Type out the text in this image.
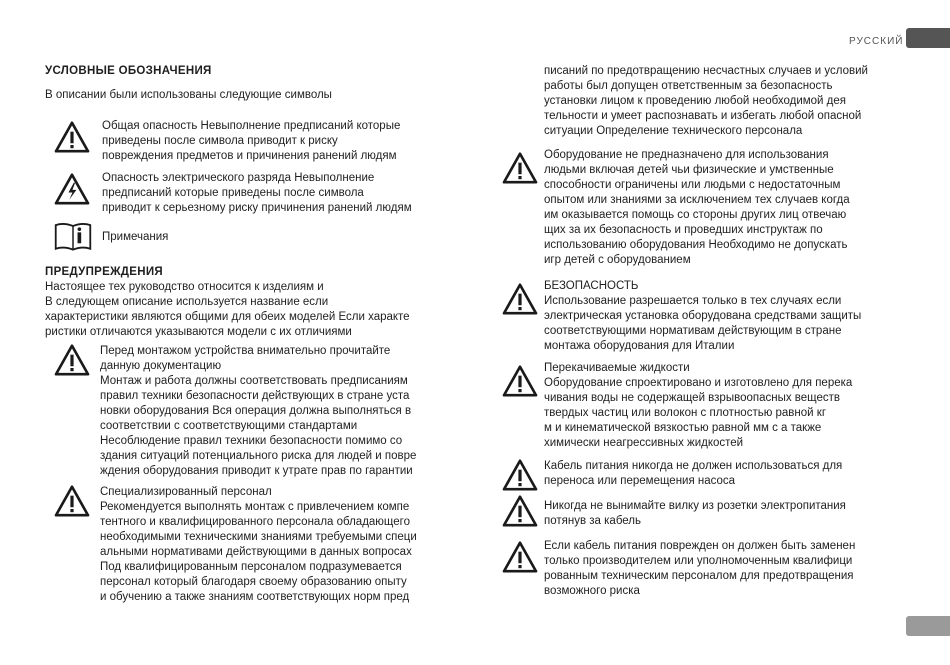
РУССКИЙ
УСЛОВНЫЕ ОБОЗНАЧЕНИЯ
В описании были использованы следующие символы
Общая опасность Невыполнение предписаний которые
приведены после символа приводит к риску
повреждения предметов и причинения ранений людям
Опасность электрического разряда Невыполнение
предписаний которые приведены после символа
приводит к серьезному риску причинения ранений людям
Примечания
ПРЕДУПРЕЖДЕНИЯ
Настоящее тех руководство относится к изделиям и
В следующем описание используется название если
характеристики являются общими для обеих моделей Если характе
ристики отличаются указываются модели с их отличиями
Перед монтажом устройства внимательно прочитайте
данную документацию
Монтаж и работа должны соответствовать предписаниям
правил техники безопасности действующих в стране уста
новки оборудования Вся операция должна выполняться в
соответствии с соответствующими стандартами
Несоблюдение правил техники безопасности помимо со
здания ситуаций потенциального риска для людей и повре
ждения оборудования приводит к утрате прав по гарантии
Специализированный персонал
Рекомендуется выполнять монтаж с привлечением компе
тентного и квалифицированного персонала обладающего
необходимыми техническими знаниями требуемыми специ
альными нормативами действующими в данных вопросах
Под квалифицированным персоналом подразумевается
персонал который благодаря своему образованию опыту
и обучению а также знаниям соответствующих норм пред
писаний по предотвращению несчастных случаев и условий
работы был допущен ответственным за безопасность
установки лицом к проведению любой необходимой дея
тельности и умеет распознавать и избегать любой опасной
ситуации Определение технического персонала
Оборудование не предназначено для использования
людьми включая детей чьи физические и умственные
способности ограничены или людьми с недостаточным
опытом или знаниями за исключением тех случаев когда
им оказывается помощь со стороны других лиц отвечаю
щих за их безопасность и проведших инструктаж по
использованию оборудования Необходимо не допускать
игр детей с оборудованием
БЕЗОПАСНОСТЬ
Использование разрешается только в тех случаях если
электрическая установка оборудована средствами защиты
соответствующими нормативам действующим в стране
монтажа оборудования для Италии
Перекачиваемые жидкости
Оборудование спроектировано и изготовлено для перека
чивания воды не содержащей взрывоопасных веществ
твердых частиц или волокон с плотностью равной кг
м и кинематической вязкостью равной мм с а также
химически неагрессивных жидкостей
Кабель питания никогда не должен использоваться для
переноса или перемещения насоса
Никогда не вынимайте вилку из розетки электропитания
потянув за кабель
Если кабель питания поврежден он должен быть заменен
только производителем или уполномоченным квалифици
рованным техническим персоналом для предотвращения
возможного риска
